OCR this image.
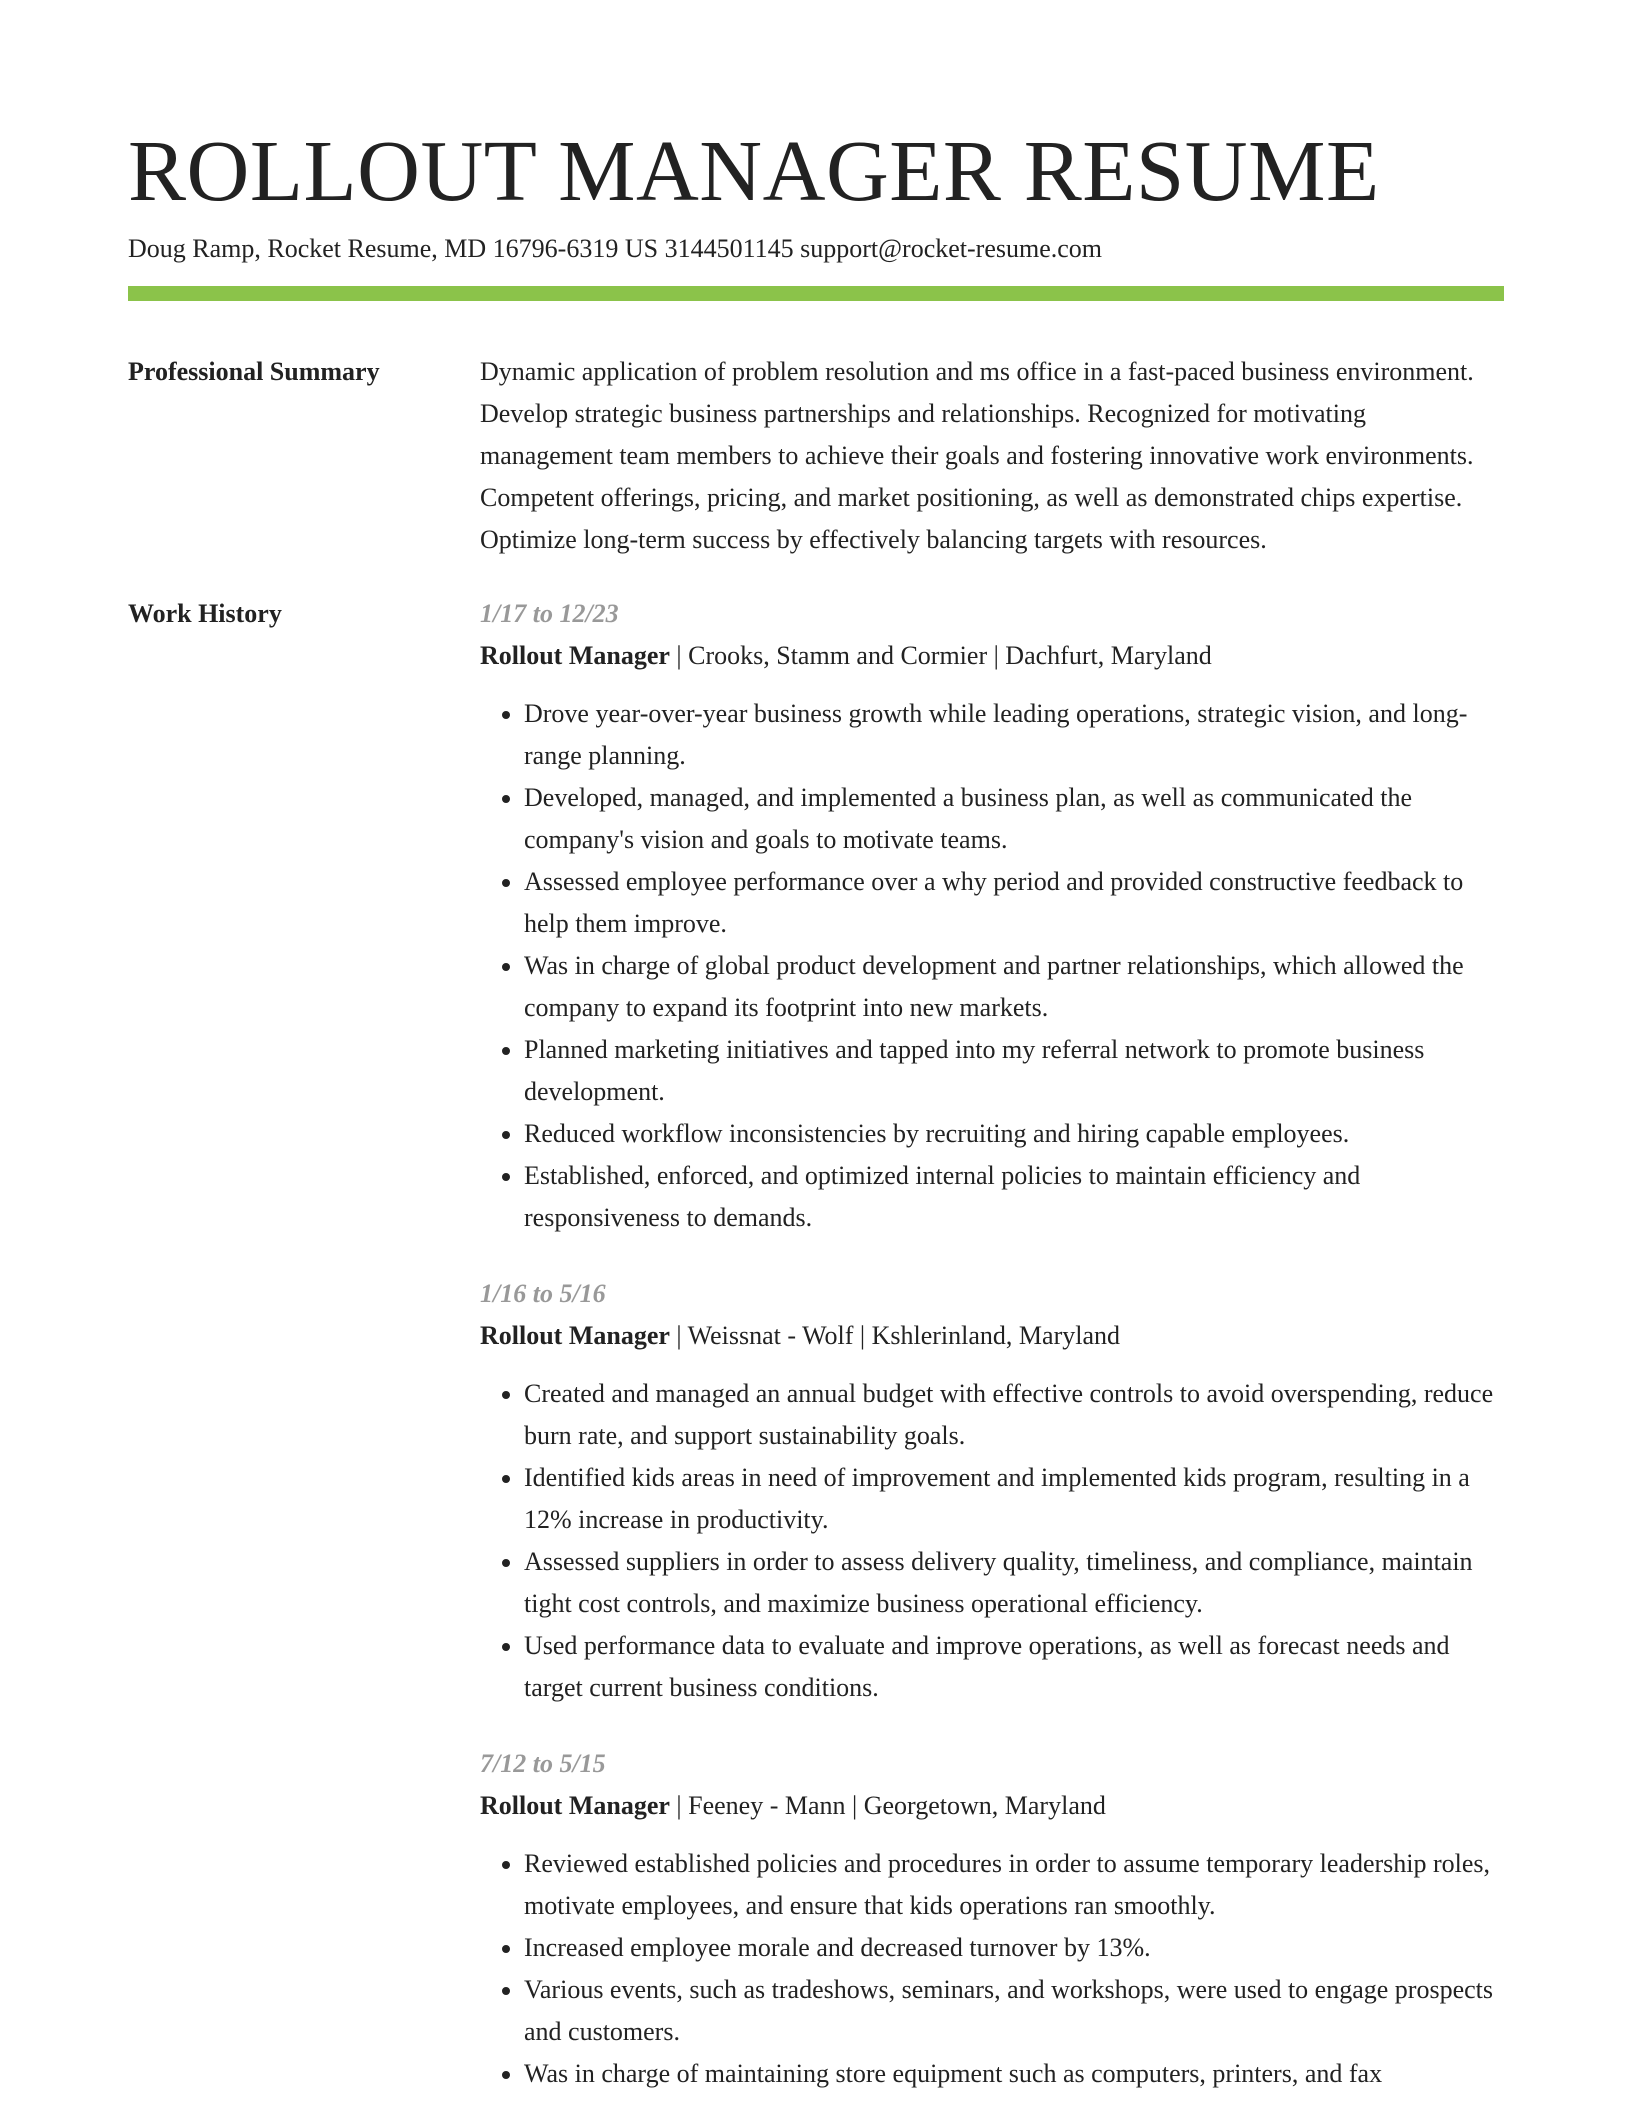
ROLLOUT MANAGER RESUME
Doug Ramp, Rocket Resume, MD 16796-6319 US 3144501145 support@rocket-resume.com
Professional Summary	Dynamic application of problem resolution and ms office in a fast-paced business environment. Develop strategic business partnerships and relationships. Recognized for motivating management team members to achieve their goals and fostering innovative work environments. Competent offerings, pricing, and market positioning, as well as demonstrated chips expertise. Optimize long-term success by effectively balancing targets with resources.
Work History	1/17 to 12/23
Rollout Manager | Crooks, Stamm and Cormier | Dachfurt, Maryland
• Drove year-over-year business growth while leading operations, strategic vision, and long-range planning.
• Developed, managed, and implemented a business plan, as well as communicated the company's vision and goals to motivate teams.
• Assessed employee performance over a why period and provided constructive feedback to help them improve.
• Was in charge of global product development and partner relationships, which allowed the company to expand its footprint into new markets.
• Planned marketing initiatives and tapped into my referral network to promote business development.
• Reduced workflow inconsistencies by recruiting and hiring capable employees.
• Established, enforced, and optimized internal policies to maintain efficiency and responsiveness to demands.
1/16 to 5/16
Rollout Manager | Weissnat - Wolf | Kshlerinland, Maryland
• Created and managed an annual budget with effective controls to avoid overspending, reduce burn rate, and support sustainability goals.
• Identified kids areas in need of improvement and implemented kids program, resulting in a 12% increase in productivity.
• Assessed suppliers in order to assess delivery quality, timeliness, and compliance, maintain tight cost controls, and maximize business operational efficiency.
• Used performance data to evaluate and improve operations, as well as forecast needs and target current business conditions.
7/12 to 5/15
Rollout Manager | Feeney - Mann | Georgetown, Maryland
• Reviewed established policies and procedures in order to assume temporary leadership roles, motivate employees, and ensure that kids operations ran smoothly.
• Increased employee morale and decreased turnover by 13%.
• Various events, such as tradeshows, seminars, and workshops, were used to engage prospects and customers.
• Was in charge of maintaining store equipment such as computers, printers, and fax
